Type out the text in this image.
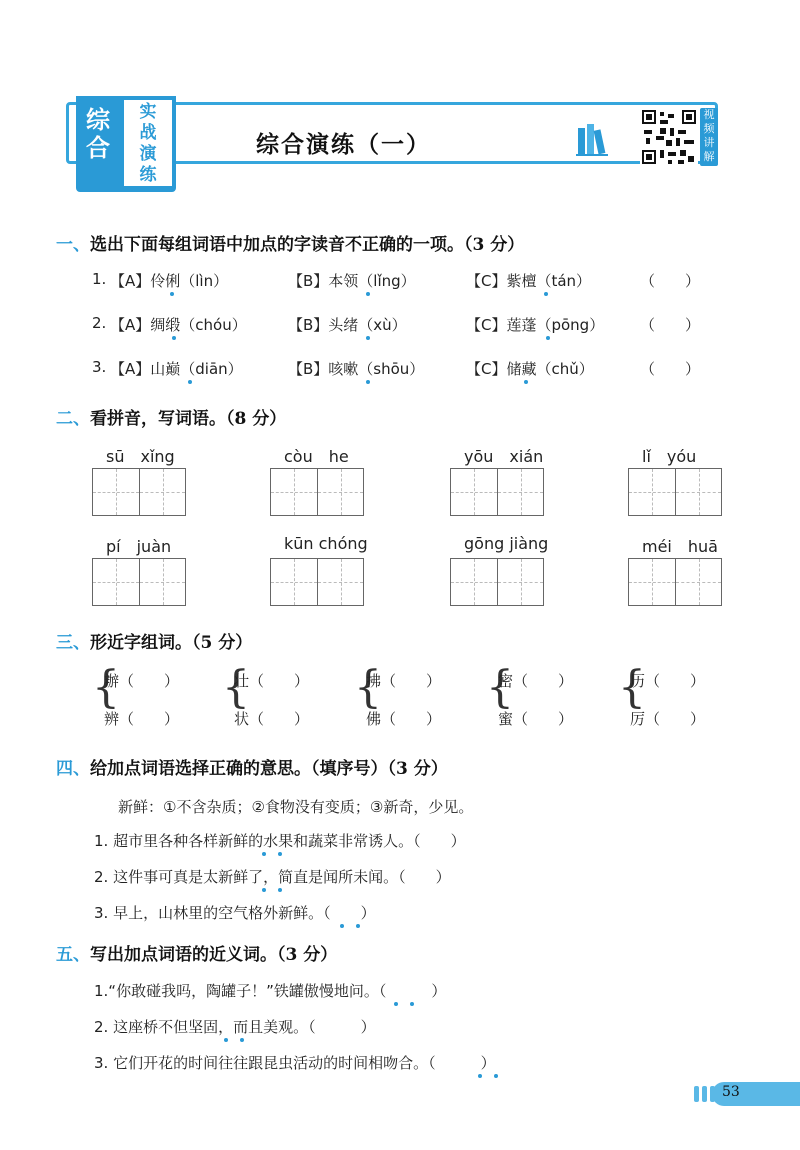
综合
实战演练
综合演练（一）
视频讲解
一、选出下面每组词语中加点的字读音不正确的一项。（3 分）
1. 【A】伶俐（lìn）	【B】本领（lǐng）	【C】紫檀（tán）	（　　）
2. 【A】绸缎（chóu）	【B】头绪（xù）	【C】莲蓬（pōng） （　　）
3. 【A】山巅（diān）	【B】咳嗽（shōu）	【C】储藏（chǔ）	（　　）
二、看拼音，写词语。（8 分）
sū　xǐng	còu　he	yōu　xián	lǐ　yóu
pí　juàn	kūn chóng	gōng jiàng	méi　huā
三、形近字组词。（5 分）
{
辦（　　）
辨（　　）
{
壮（　　）
状（　　）
{
拂（　　）
佛（　　）
{
密（　　）
蜜（　　）
{
历（　　）
厉（　　）
四、给加点词语选择正确的意思。（填序号）（3 分）
新鲜：①不含杂质；②食物没有变质；③新奇，少见。
1. 超市里各种各样新鲜的水果和蔬菜非常诱人。（　　）
2. 这件事可真是太新鲜了，简直是闻所未闻。（　　）
3. 早上，山林里的空气格外新鲜。（　　）
五、写出加点词语的近义词。（3 分）
1.“你敢碰我吗，陶罐子！”铁罐傲慢地问。（　　　）
2. 这座桥不但坚固，而且美观。（　　　）
3. 它们开花的时间往往跟昆虫活动的时间相吻合。（　　　）
53
